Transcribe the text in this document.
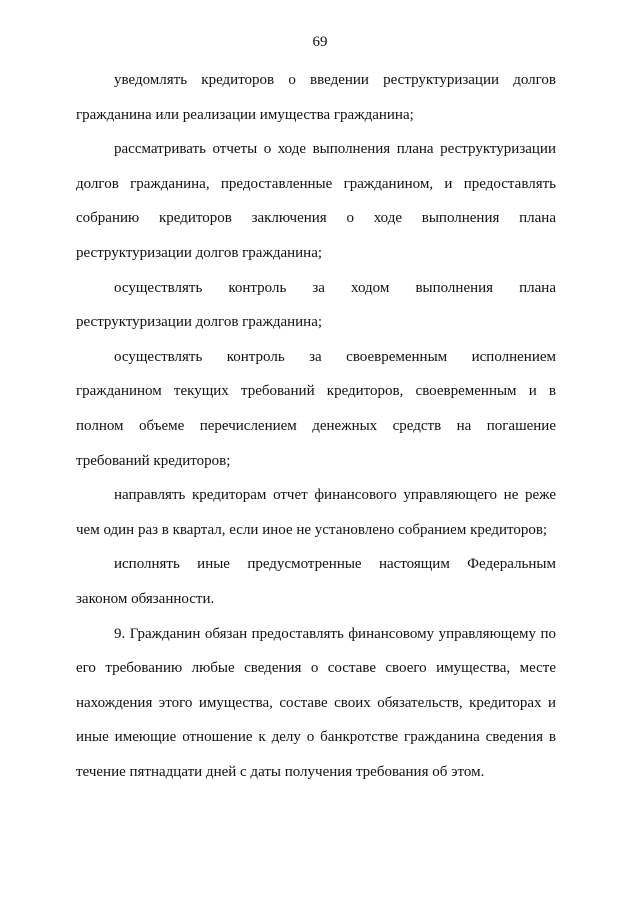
69

уведомлять кредиторов о введении реструктуризации долгов гражданина или реализации имущества гражданина;

рассматривать отчеты о ходе выполнения плана реструктуризации долгов гражданина, предоставленные гражданином, и предоставлять собранию кредиторов заключения о ходе выполнения плана реструктуризации долгов гражданина;

осуществлять контроль за ходом выполнения плана реструктуризации долгов гражданина;

осуществлять контроль за своевременным исполнением гражданином текущих требований кредиторов, своевременным и в полном объеме перечислением денежных средств на погашение требований кредиторов;

направлять кредиторам отчет финансового управляющего не реже чем один раз в квартал, если иное не установлено собранием кредиторов;

исполнять иные предусмотренные настоящим Федеральным законом обязанности.

9. Гражданин обязан предоставлять финансовому управляющему по его требованию любые сведения о составе своего имущества, месте нахождения этого имущества, составе своих обязательств, кредиторах и иные имеющие отношение к делу о банкротстве гражданина сведения в течение пятнадцати дней с даты получения требования об этом.
